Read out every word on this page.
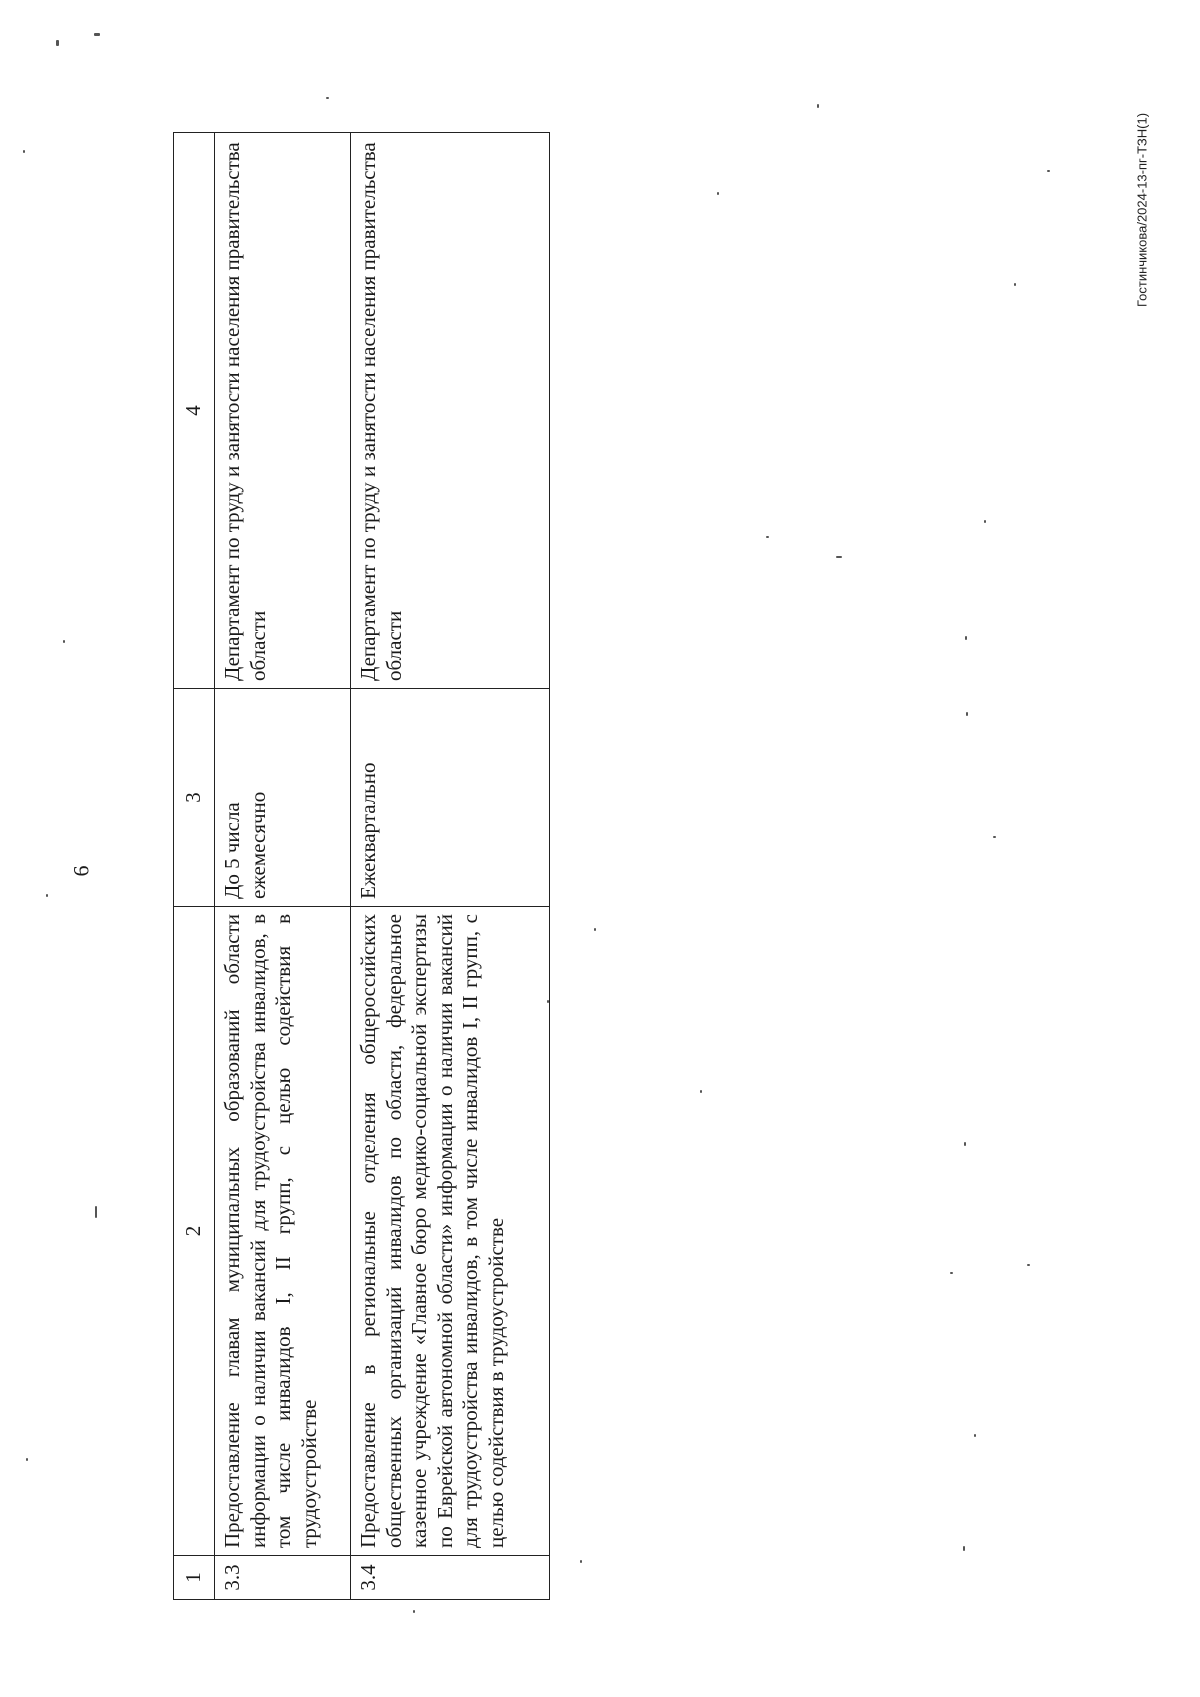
6
Гостинчикова/2024-13-пг-ТЗН(1)
1	2	3	4
3.3	Предоставление главам муниципальных образований области информации о наличии вакансий для трудоустройства инвалидов, в том числе инвалидов I, II групп, с целью содействия в трудоустройстве	До 5 числа ежемесячно	Департамент по труду и занятости населения правительства области
3.4	Предоставление в региональные отделения общероссийских общественных организаций инвалидов по области, федеральное казенное учреждение «Главное бюро медико-социальной экспертизы по Еврейской автономной области» информации о наличии вакансий для трудоустройства инвалидов, в том числе инвалидов I, II групп, с целью содействия в трудоустройстве	Ежеквартально	Департамент по труду и занятости населения правительства области
